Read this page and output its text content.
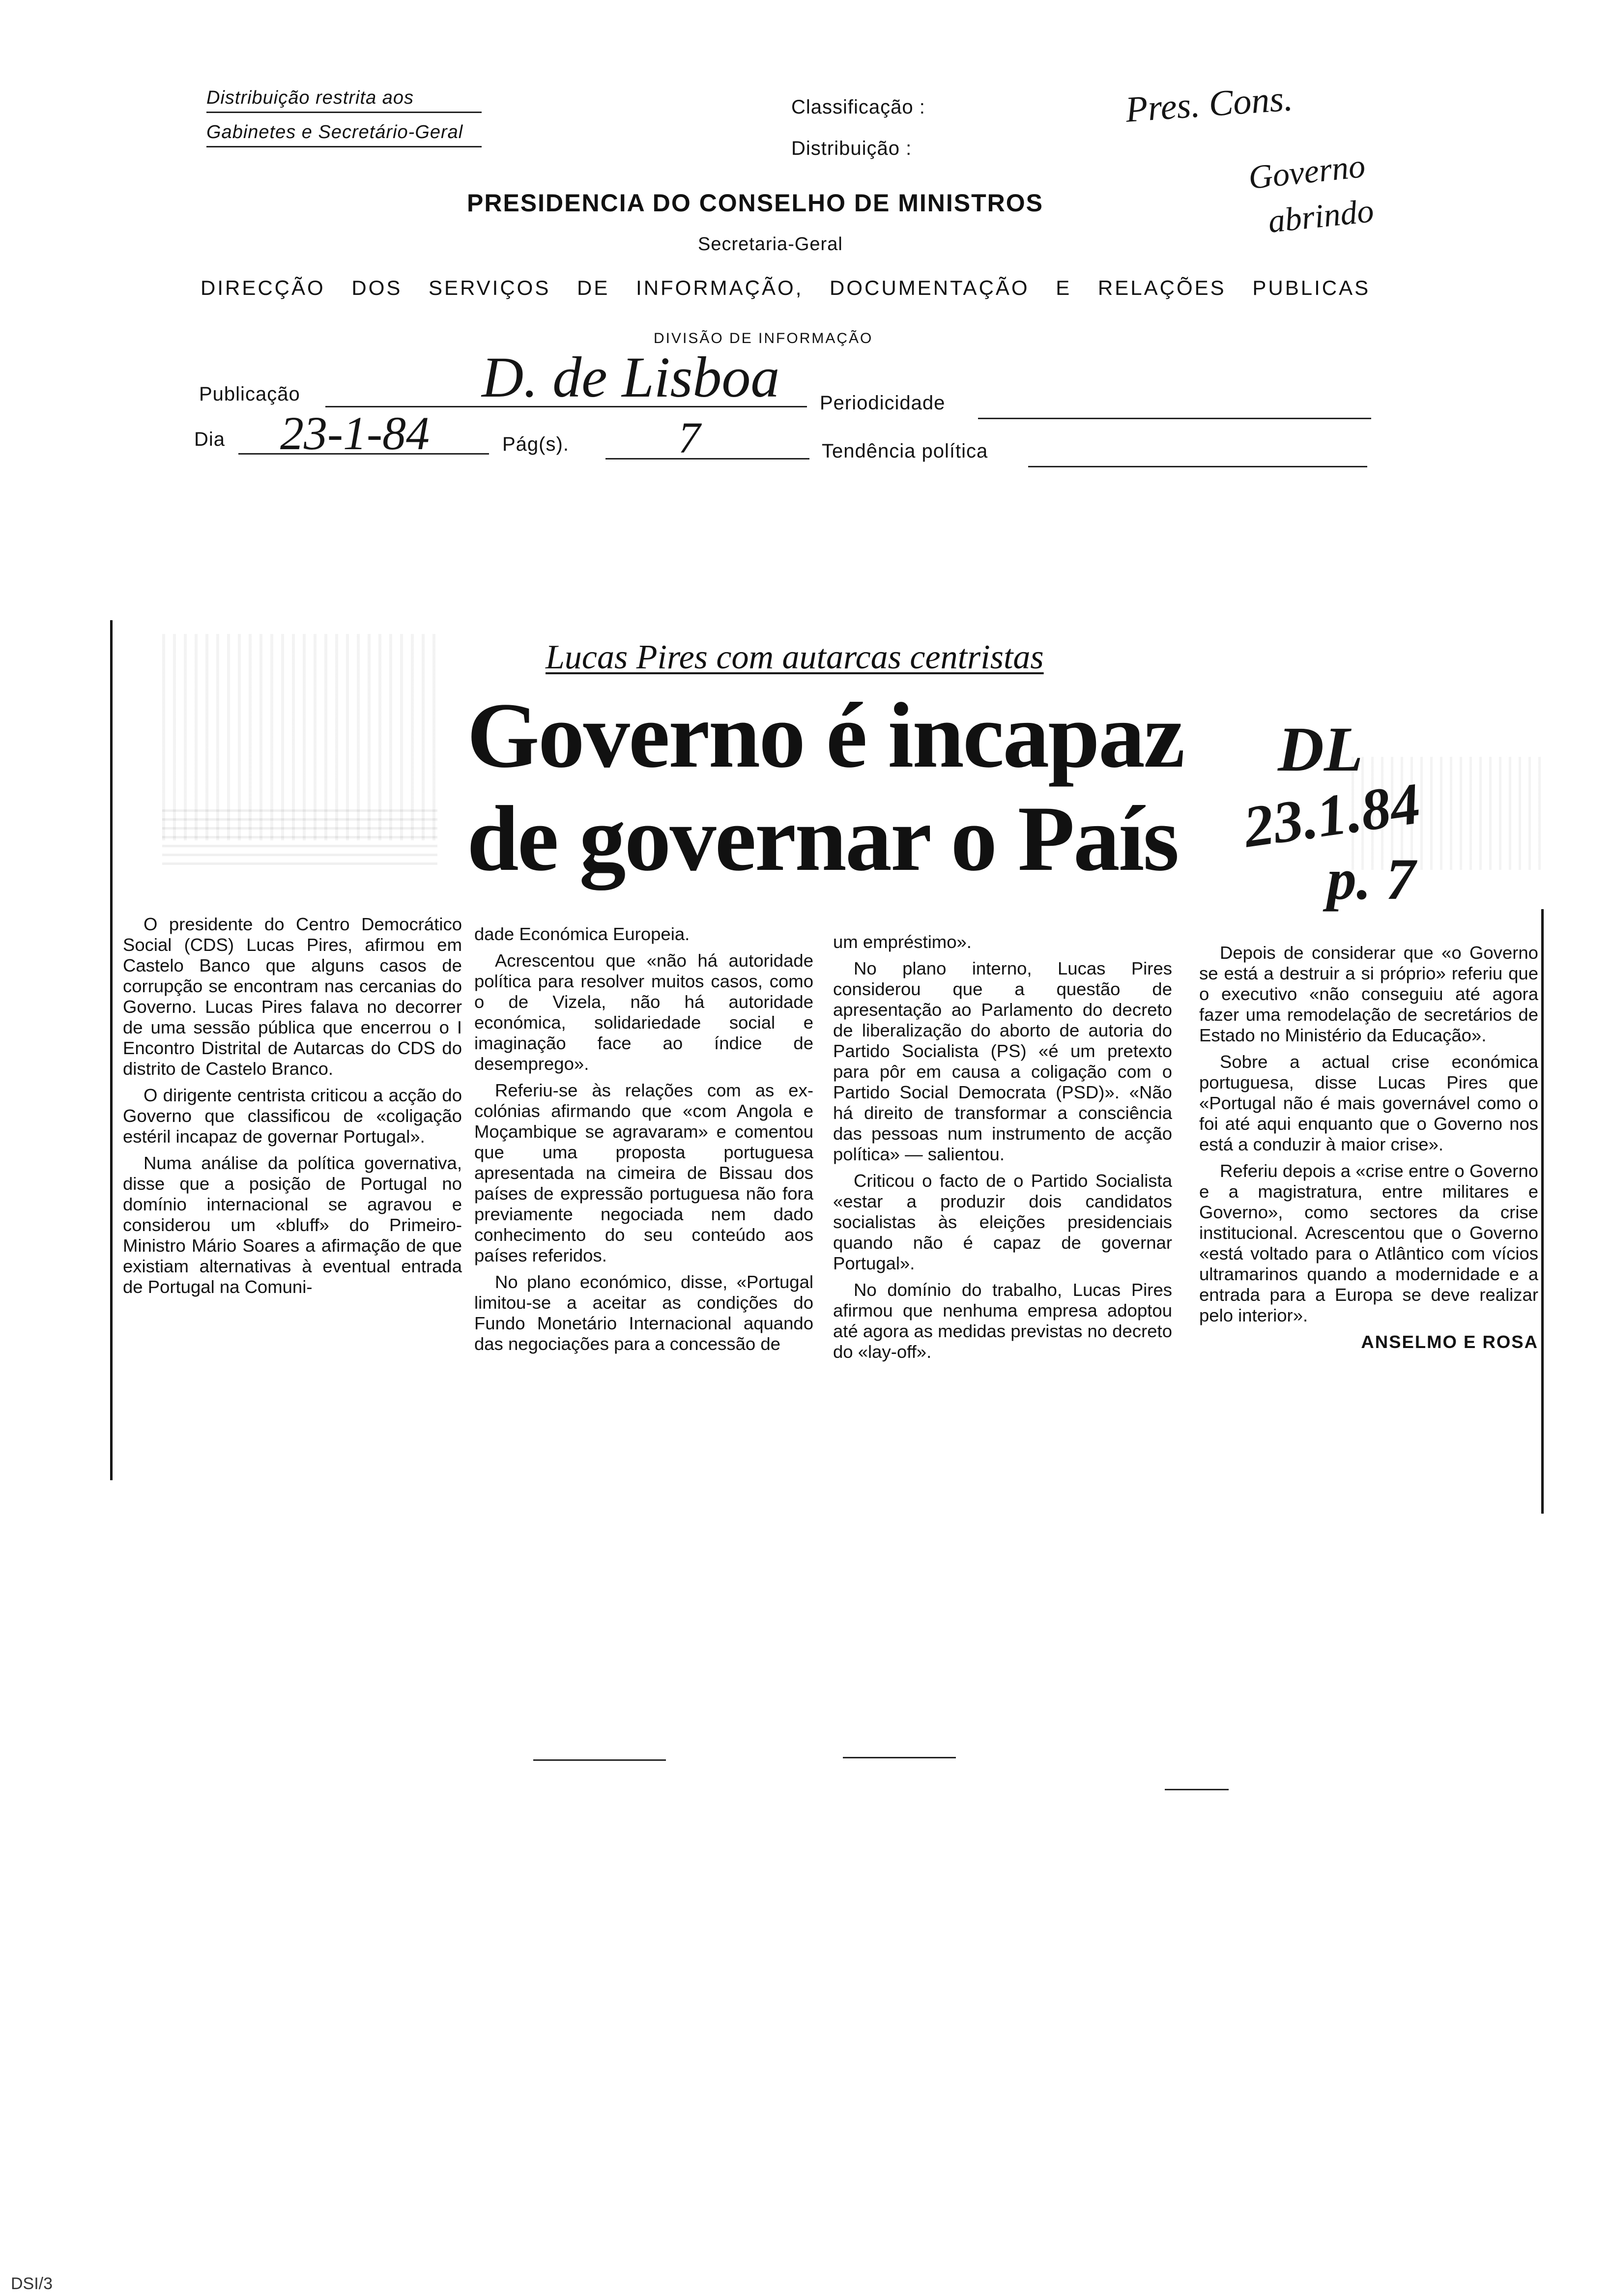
Distribuição restrita aos
Gabinetes e Secretário-Geral
Classificação :
Distribuição :
Pres. Cons.
Governo
abrindo
PRESIDENCIA DO CONSELHO DE MINISTROS
Secretaria-Geral
DIRECÇÃO DOS SERVIÇOS DE INFORMAÇÃO, DOCUMENTAÇÃO E RELAÇÕES PUBLICAS
DIVISÃO DE INFORMAÇÃO
Publicação	D. de Lisboa Periodicidade
Dia 23-1-84	Pág(s). 7	Tendência política
Lucas Pires com autarcas centristas
Governo é incapaz
de governar o País
DL
23.1.84
p. 7

O presidente do Centro Democrático Social (CDS) Lucas Pires, afirmou em Castelo Banco que alguns casos de corrupção se encontram nas cercanias do Governo. Lucas Pires falava no decorrer de uma sessão pública que encerrou o I Encontro Distrital de Autarcas do CDS do distrito de Castelo Branco.

O dirigente centrista criticou a acção do Governo que classificou de «coligação estéril incapaz de governar Portugal».

Numa análise da política governativa, disse que a posição de Portugal no domínio internacional se agravou e considerou um «bluff» do Primeiro-Ministro Mário Soares a afirmação de que existiam alternativas à eventual entrada de Portugal na Comuni-

dade Económica Europeia.

Acrescentou que «não há autoridade política para resolver muitos casos, como o de Vizela, não há autoridade económica, solidariedade social e imaginação face ao índice de desemprego».

Referiu-se às relações com as ex-colónias afirmando que «com Angola e Moçambique se agravaram» e comentou que uma proposta portuguesa apresentada na cimeira de Bissau dos países de expressão portuguesa não fora previamente negociada nem dado conhecimento do seu conteúdo aos países referidos.

No plano económico, disse, «Portugal limitou-se a aceitar as condições do Fundo Monetário Internacional aquando das negociações para a concessão de

um empréstimo».

No plano interno, Lucas Pires considerou que a questão de apresentação ao Parlamento do decreto de liberalização do aborto de autoria do Partido Socialista (PS) «é um pretexto para pôr em causa a coligação com o Partido Social Democrata (PSD)». «Não há direito de transformar a consciência das pessoas num instrumento de acção política» — salientou.

Criticou o facto de o Partido Socialista «estar a produzir dois candidatos socialistas às eleições presidenciais quando não é capaz de governar Portugal».

No domínio do trabalho, Lucas Pires afirmou que nenhuma empresa adoptou até agora as medidas previstas no decreto do «lay-off».

Depois de considerar que «o Governo se está a destruir a si próprio» referiu que o executivo «não conseguiu até agora fazer uma remodelação de secretários de Estado no Ministério da Educação».

Sobre a actual crise económica portuguesa, disse Lucas Pires que «Portugal não é mais governável como o foi até aqui enquanto que o Governo nos está a conduzir à maior crise».

Referiu depois a «crise entre o Governo e a magistratura, entre militares e Governo», como sectores da crise institucional. Acrescentou que o Governo «está voltado para o Atlântico com vícios ultramarinos quando a modernidade e a entrada para a Europa se deve realizar pelo interior».

ANSELMO E ROSA

DSI/3
